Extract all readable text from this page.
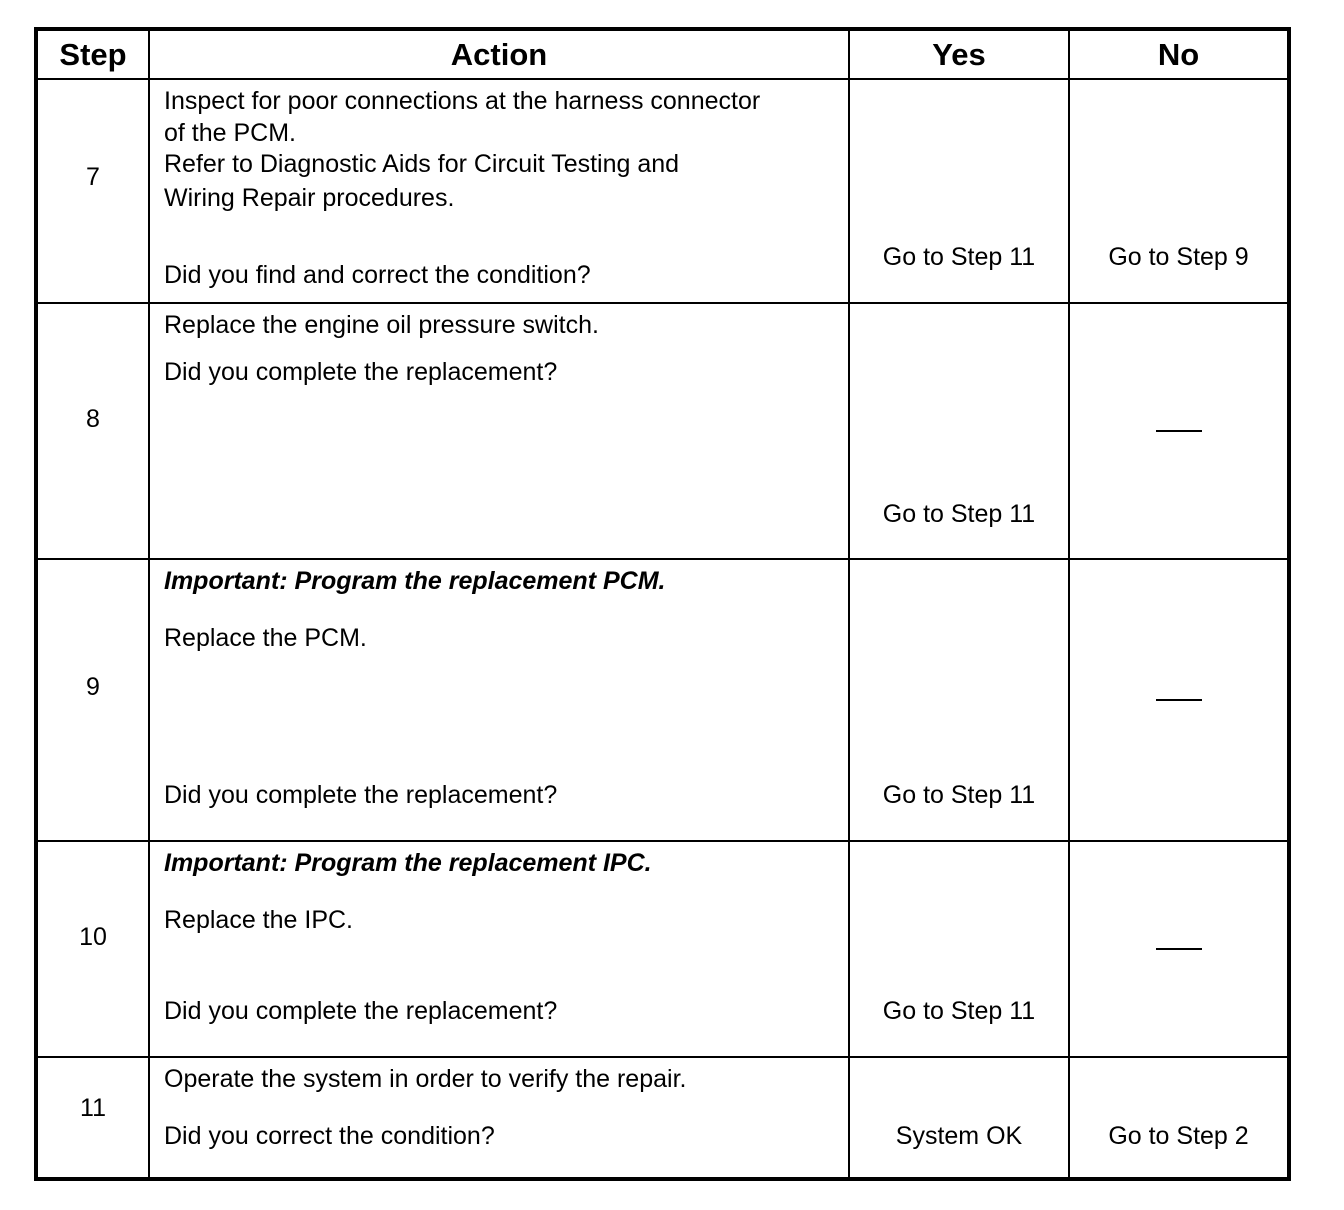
Step	Action	Yes	No

7	Inspect for poor connections at the harness connector
of the PCM.
Refer to Diagnostic Aids for Circuit Testing and
Wiring Repair procedures.
Did you find and correct the condition?	Go to Step 11	Go to Step 9

8	Replace the engine oil pressure switch.
Did you complete the replacement?	Go to Step 11	

9	Important: Program the replacement PCM.
Replace the PCM.
Did you complete the replacement?	Go to Step 11	

10	Important: Program the replacement IPC.
Replace the IPC.
Did you complete the replacement?	Go to Step 11	

11	Operate the system in order to verify the repair.
Did you correct the condition?	System OK	Go to Step 2
